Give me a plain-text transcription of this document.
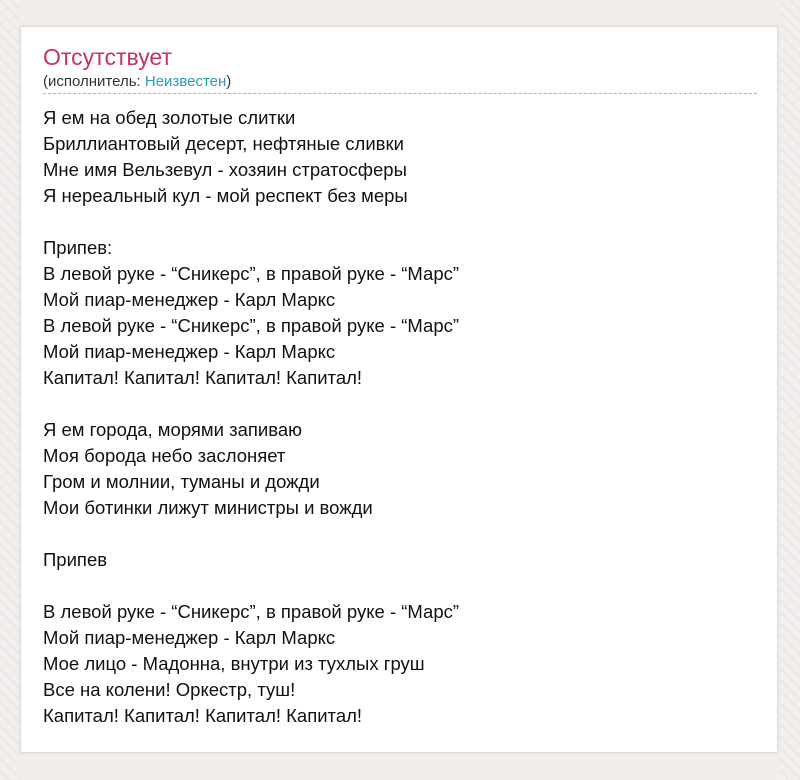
Отсутствует
(исполнитель: Неизвестен)
Я ем на обед золотые слитки
Бриллиантовый десерт, нефтяные сливки
Мне имя Вельзевул - хозяин стратосферы
Я нереальный кул - мой респект без меры
Припев:
В левой руке - “Сникерс”, в правой руке - “Марс”
Мой пиар-менеджер - Карл Маркс
В левой руке - “Сникерс”, в правой руке - “Марс”
Мой пиар-менеджер - Карл Маркс
Капитал! Капитал! Капитал! Капитал!
Я ем города, морями запиваю
Моя борода небо заслоняет
Гром и молнии, туманы и дожди
Мои ботинки лижут министры и вожди
Припев
В левой руке - “Сникерс”, в правой руке - “Марс”
Мой пиар-менеджер - Карл Маркс
Мое лицо - Мадонна, внутри из тухлых груш
Все на колени! Оркестр, туш!
Капитал! Капитал! Капитал! Капитал!
